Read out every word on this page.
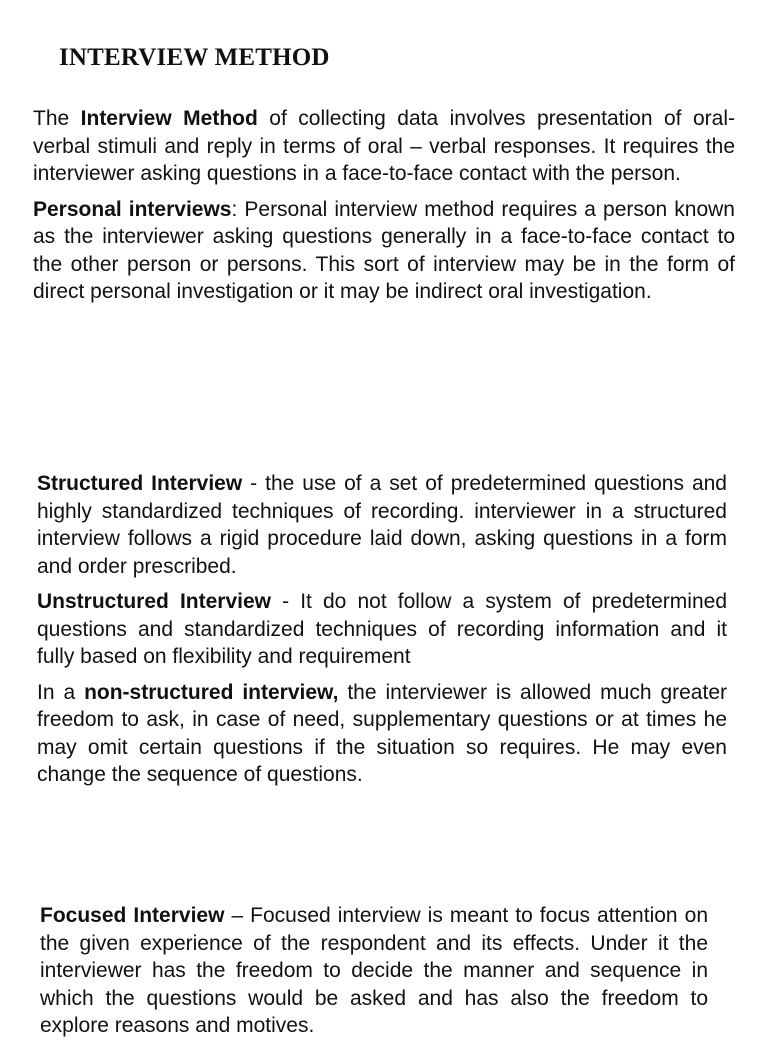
INTERVIEW METHOD

The Interview Method of collecting data involves presentation of oral-verbal stimuli and reply in terms of oral – verbal responses. It requires the interviewer asking questions in a face-to-face contact with the person.

Personal interviews: Personal interview method requires a person known as the interviewer asking questions generally in a face-to-face contact to the other person or persons. This sort of interview may be in the form of direct personal investigation or it may be indirect oral investigation.

Structured Interview - the use of a set of predetermined questions and highly standardized techniques of recording. interviewer in a structured interview follows a rigid procedure laid down, asking questions in a form and order prescribed.

Unstructured Interview - It do not follow a system of predetermined questions and standardized techniques of recording information and it fully based on flexibility and requirement

In a non-structured interview, the interviewer is allowed much greater freedom to ask, in case of need, supplementary questions or at times he may omit certain questions if the situation so requires. He may even change the sequence of questions.

Focused Interview – Focused interview is meant to focus attention on the given experience of the respondent and its effects. Under it the interviewer has the freedom to decide the manner and sequence in which the questions would be asked and has also the freedom to explore reasons and motives.
